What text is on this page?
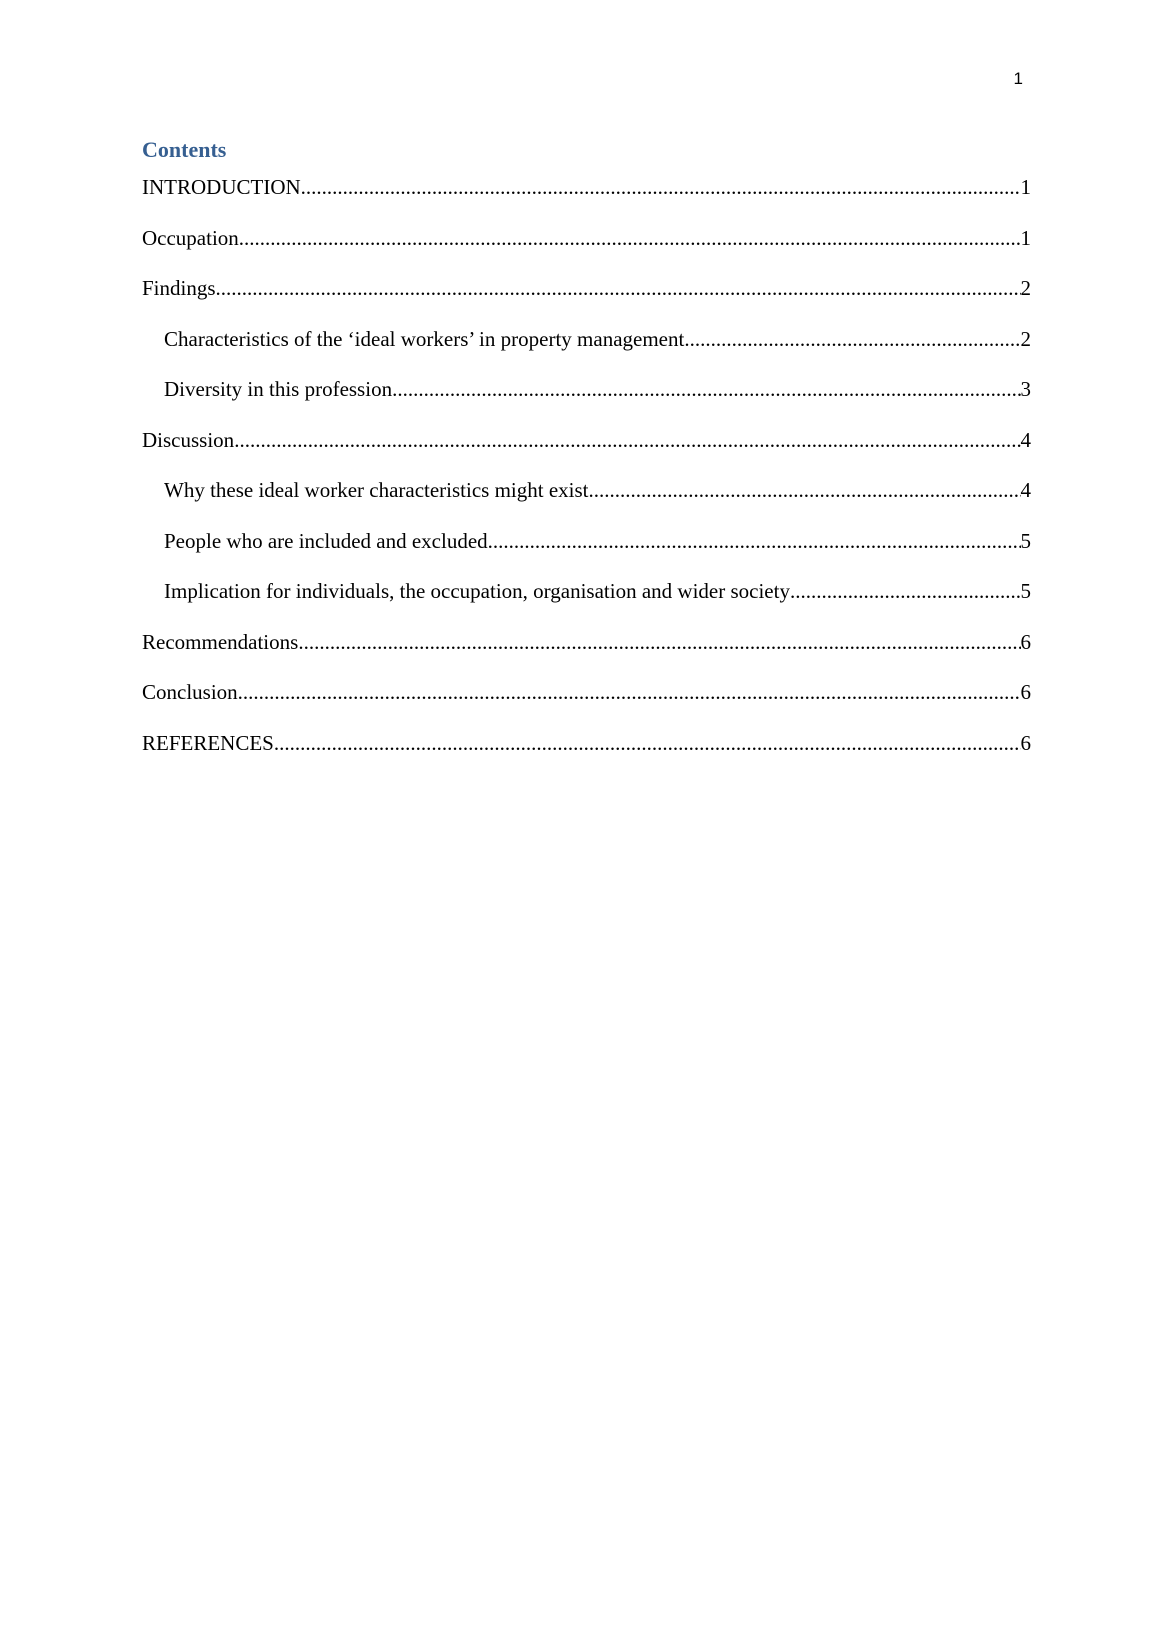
1
Contents
INTRODUCTION .....	1
Occupation .....	1
Findings .....	2
Characteristics of the ‘ideal workers’ in property management .....	2
Diversity in this profession .....	3
Discussion .....	4
Why these ideal worker characteristics might exist .....	4
People who are included and excluded .....	5
Implication for individuals, the occupation, organisation and wider society .....	5
Recommendations .....	6
Conclusion .....	6
REFERENCES .....	6
